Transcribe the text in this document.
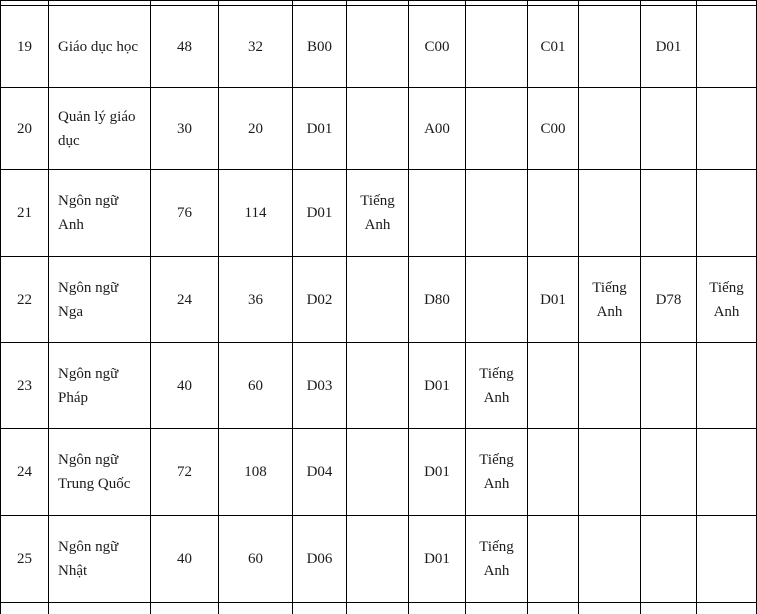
19	Giáo dục học	48	32	B00		C00		C01		D01	
20	Quản lý giáo dục	30	20	D01		A00		C00			
21	Ngôn ngữ Anh	76	114	D01	Tiếng Anh						
22	Ngôn ngữ Nga	24	36	D02		D80		D01	Tiếng Anh	D78	Tiếng Anh
23	Ngôn ngữ Pháp	40	60	D03		D01	Tiếng Anh				
24	Ngôn ngữ Trung Quốc	72	108	D04		D01	Tiếng Anh				
25	Ngôn ngữ Nhật	40	60	D06		D01	Tiếng Anh				
